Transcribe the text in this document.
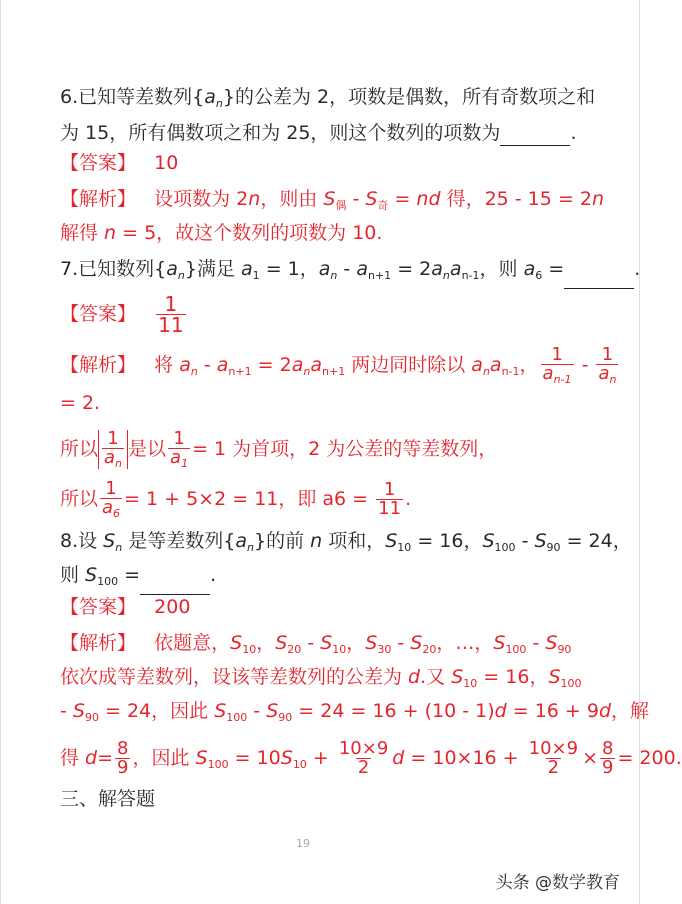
6.已知等差数列$\{a_n\}$的公差为 2，项数是偶数，所有奇数项之和
为 15，所有偶数项之和为 25，则这个数列的项数为	.
【答案】 10
【解析】   设项数为 2n，则由 $S_偶 - S_奇$ = nd 得，25 - 15 = 2n
解得 n = 5，故这个数列的项数为 10.
7.已知数列$\{a_n\}$满足 $a_1 = 1$，$a_n - a_{n+1} = 2a_na_{n-1}$，则 $a_6$ =	.
【答案】 $\frac{1}{11}$
【解析】   将 $a_n - a_{n+1} = 2a_na_{n+1}$ 两边同时除以 $a_na_{n-1}$， $\frac{1}{a_{n-1}} - \frac{1}{a_n}$
= 2.
所以 $\frac{1}{a_n}$ 是以 $\frac{1}{a_1} = 1$ 为首项，2 为公差的等差数列，
所以 $\frac{1}{a_6} = 1 + 5\times 2 = 11$，即 $a6 = \frac{1}{11}$ .
8.设 $S_n$ 是等差数列$\{a_n\}$的前 n 项和，$S_{10} = 16$，$S_{100} - S_{90} = 24$，
则 $S_{100}$ =	.
【答案】 200
【解析】   依题意，$S_{10}$，$S_{20} - S_{10}$，$S_{30} - S_{20}$，…，$S_{100} - S_{90}$
依次成等差数列，设该等差数列的公差为 d.又 $S_{10} = 16$，$S_{100}$
- $S_{90} = 24$，因此 $S_{100} - S_{90} = 24 = 16 + (10 - 1)d = 16 + 9d$，解
得 $d= \frac{8}{9}$ ，因此 $S_{100} = 10S_{10} + \frac{10\times 9}{2}$ $d = 10\times 16 + \frac{10\times 9}{2} \times \frac{8}{9} = 200$.
三、解答题
19
头条 @数学教育
